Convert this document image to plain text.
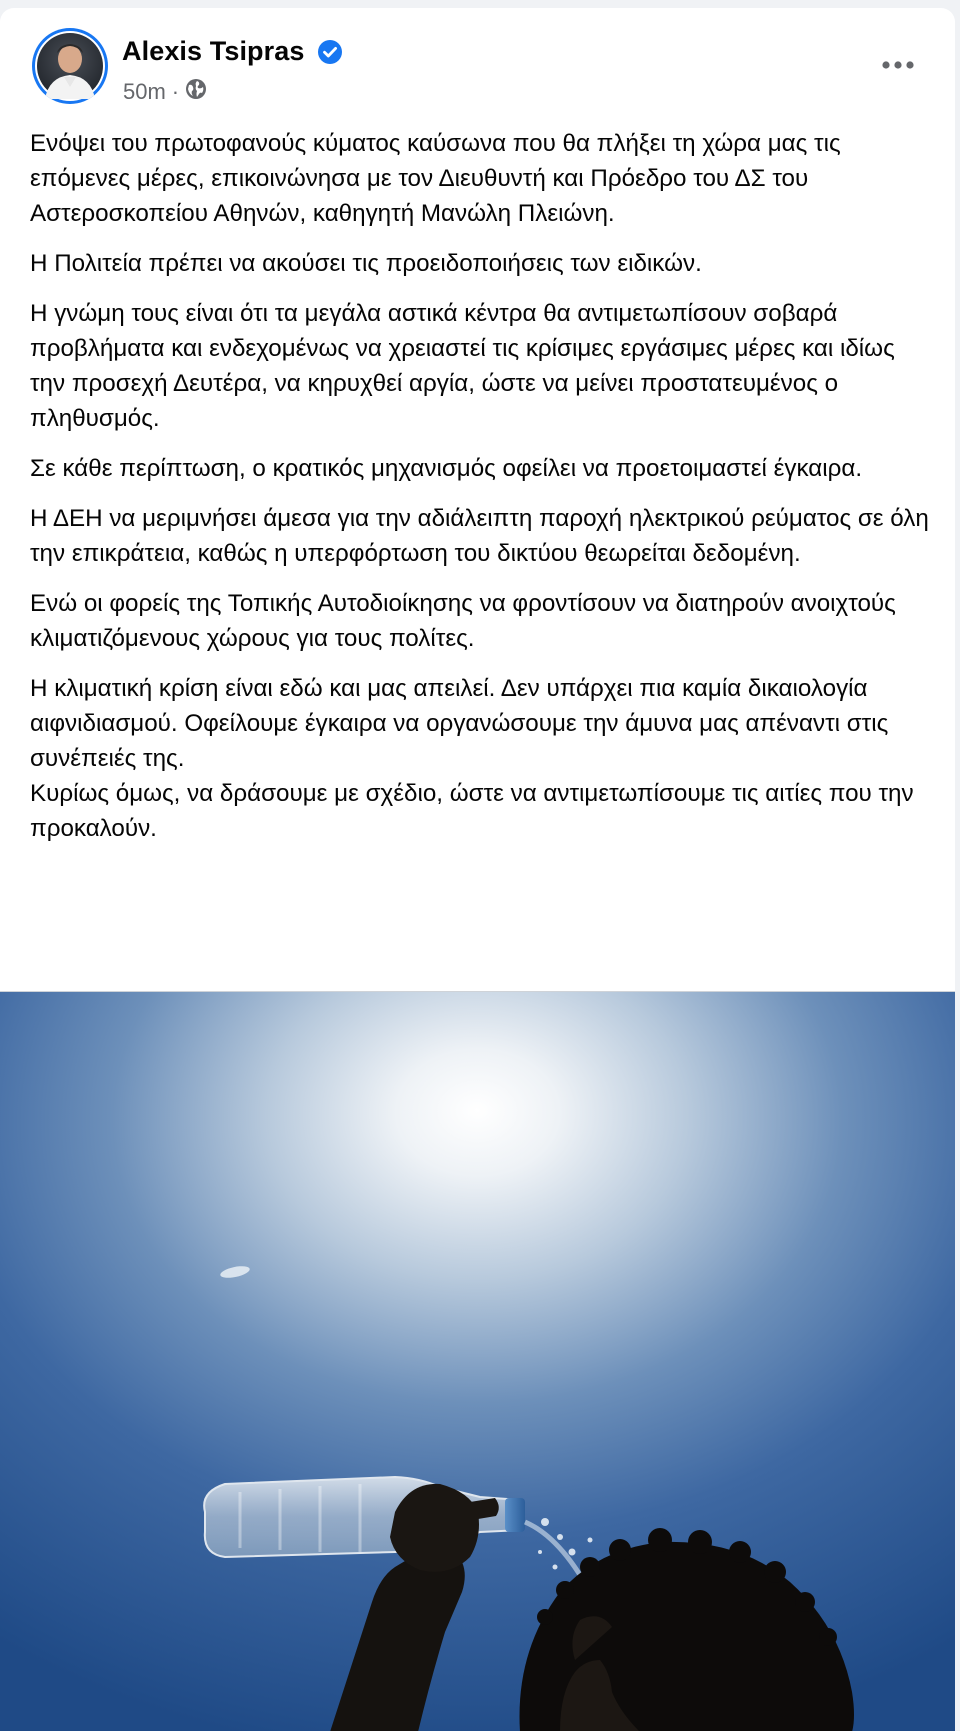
Alexis Tsipras
50m ·

Ενόψει του πρωτοφανούς κύματος καύσωνα που θα πλήξει τη χώρα μας τις επόμενες μέρες, επικοινώνησα με τον Διευθυντή και Πρόεδρο του ΔΣ του Αστεροσκοπείου Αθηνών, καθηγητή Μανώλη Πλειώνη.

Η Πολιτεία πρέπει να ακούσει τις προειδοποιήσεις των ειδικών.

Η γνώμη τους είναι ότι τα μεγάλα αστικά κέντρα θα αντιμετωπίσουν σοβαρά προβλήματα και ενδεχομένως να χρειαστεί τις κρίσιμες εργάσιμες μέρες και ιδίως την προσεχή Δευτέρα, να κηρυχθεί αργία, ώστε να μείνει προστατευμένος ο πληθυσμός.

Σε κάθε περίπτωση, ο κρατικός μηχανισμός οφείλει να προετοιμαστεί έγκαιρα.

Η ΔΕΗ να μεριμνήσει άμεσα για την αδιάλειπτη παροχή ηλεκτρικού ρεύματος σε όλη την επικράτεια, καθώς η υπερφόρτωση του δικτύου θεωρείται δεδομένη.

Ενώ οι φορείς της Τοπικής Αυτοδιοίκησης να φροντίσουν να διατηρούν ανοιχτούς κλιματιζόμενους χώρους για τους πολίτες.

Η κλιματική κρίση είναι εδώ και μας απειλεί. Δεν υπάρχει πια καμία δικαιολογία αιφνιδιασμού. Οφείλουμε έγκαιρα να οργανώσουμε την άμυνα μας απέναντι στις συνέπειές της.

Κυρίως όμως, να δράσουμε με σχέδιο, ώστε να αντιμετωπίσουμε τις αιτίες που την προκαλούν.
